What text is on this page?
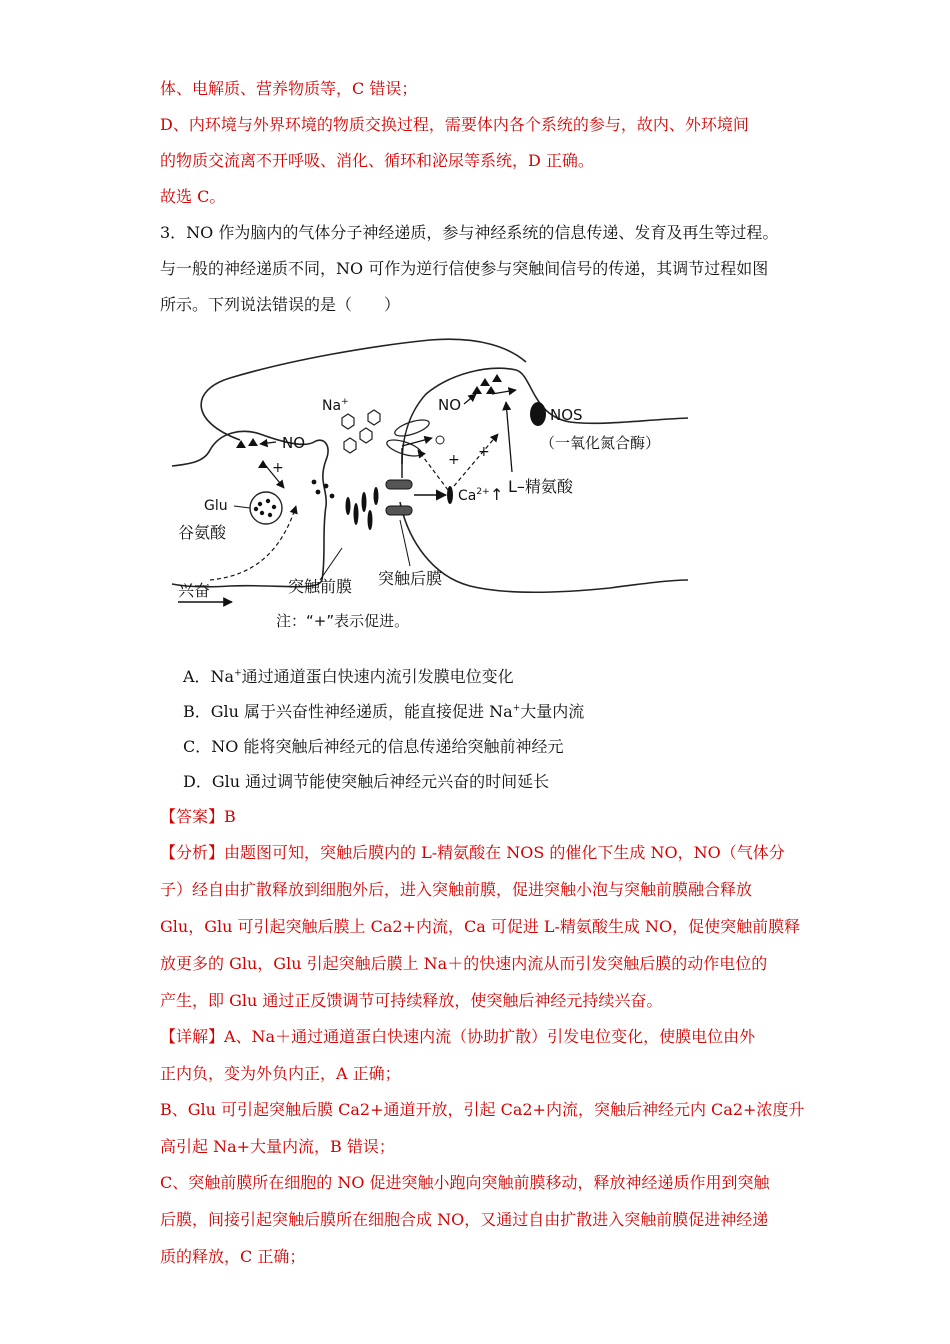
体、电解质、营养物质等，C 错误；
D、内环境与外界环境的物质交换过程，需要体内各个系统的参与，故内、外环境间
的物质交流离不开呼吸、消化、循环和泌尿等系统，D 正确。
故选 C。
3．NO 作为脑内的气体分子神经递质，参与神经系统的信息传递、发育及再生等过程。
与一般的神经递质不同，NO 可作为逆行信使参与突触间信号的传递，其调节过程如图
所示。下列说法错误的是（　　）
Na+	NO
NO
NOS
（一氧化氮合酶）
+	+ +
Glu
谷氨酸
$Ca^{2+}$ ↑ L–精氨酸
兴奋	突触前膜 突触后膜
注：“+”表示促进。
A．Na+通过通道蛋白快速内流引发膜电位变化
B．Glu 属于兴奋性神经递质，能直接促进 Na+大量内流
C．NO 能将突触后神经元的信息传递给突触前神经元
D．Glu 通过调节能使突触后神经元兴奋的时间延长
【答案】B
【分析】由题图可知，突触后膜内的 L-精氨酸在 NOS 的催化下生成 NO，NO（气体分
子）经自由扩散释放到细胞外后，进入突触前膜，促进突触小泡与突触前膜融合释放
Glu，Glu 可引起突触后膜上 Ca2+内流，Ca 可促进 L-精氨酸生成 NO，促使突触前膜释
放更多的 Glu，Glu 引起突触后膜上 Na＋的快速内流从而引发突触后膜的动作电位的
产生，即 Glu 通过正反馈调节可持续释放，使突触后神经元持续兴奋。
【详解】A、Na＋通过通道蛋白快速内流（协助扩散）引发电位变化，使膜电位由外
正内负，变为外负内正，A 正确；
B、Glu 可引起突触后膜 Ca2+通道开放，引起 Ca2+内流，突触后神经元内 Ca2+浓度升
高引起 Na+大量内流，B 错误；
C、突触前膜所在细胞的 NO 促进突触小跑向突触前膜移动，释放神经递质作用到突触
后膜，间接引起突触后膜所在细胞合成 NO，又通过自由扩散进入突触前膜促进神经递
质的释放，C 正确；
